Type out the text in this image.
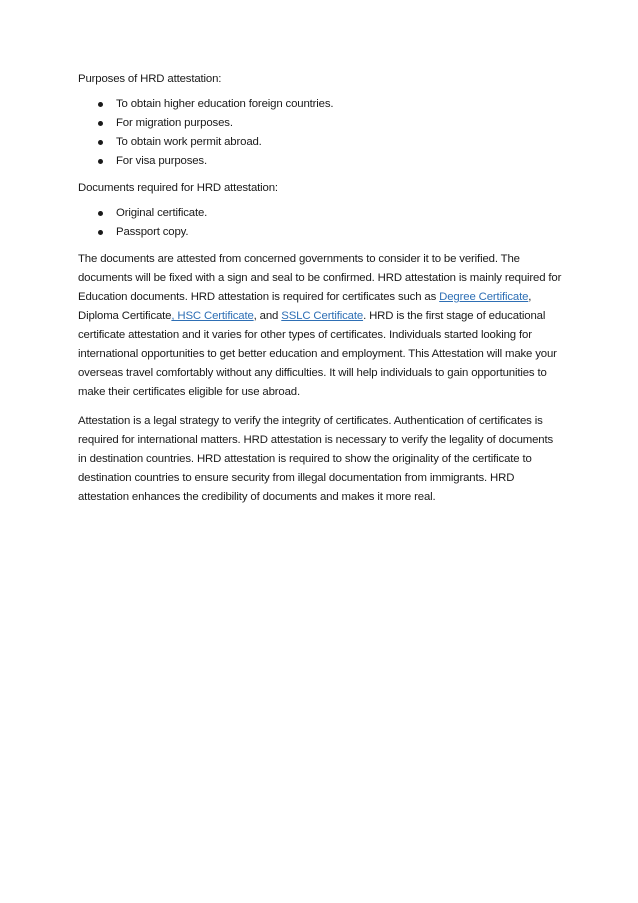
Purposes of HRD attestation:

To obtain higher education foreign countries.
For migration purposes.
To obtain work permit abroad.
For visa purposes.

Documents required for HRD attestation:

Original certificate.
Passport copy.

The documents are attested from concerned governments to consider it to be verified. The documents will be fixed with a sign and seal to be confirmed. HRD attestation is mainly required for Education documents. HRD attestation is required for certificates such as Degree Certificate, Diploma Certificate, HSC Certificate, and SSLC Certificate. HRD is the first stage of educational certificate attestation and it varies for other types of certificates. Individuals started looking for international opportunities to get better education and employment. This Attestation will make your overseas travel comfortably without any difficulties. It will help individuals to gain opportunities to make their certificates eligible for use abroad.

Attestation is a legal strategy to verify the integrity of certificates. Authentication of certificates is required for international matters. HRD attestation is necessary to verify the legality of documents in destination countries. HRD attestation is required to show the originality of the certificate to destination countries to ensure security from illegal documentation from immigrants. HRD attestation enhances the credibility of documents and makes it more real.
